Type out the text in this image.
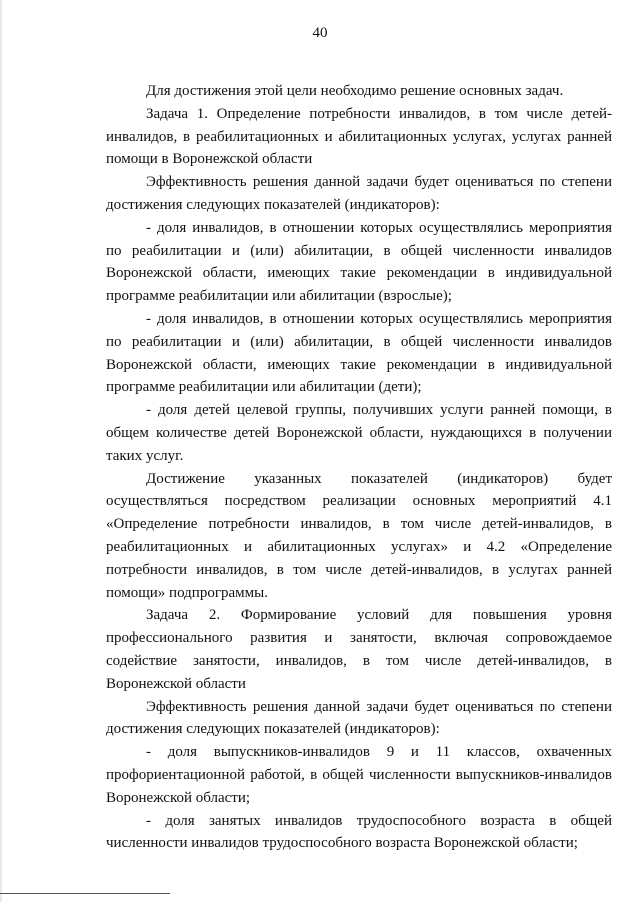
40

Для достижения этой цели необходимо решение основных задач.

Задача 1. Определение потребности инвалидов, в том числе детей-инвалидов, в реабилитационных и абилитационных услугах, услугах ранней помощи в Воронежской области

Эффективность решения данной задачи будет оцениваться по степени достижения следующих показателей (индикаторов):

- доля инвалидов, в отношении которых осуществлялись мероприятия по реабилитации и (или) абилитации, в общей численности инвалидов Воронежской области, имеющих такие рекомендации в индивидуальной программе реабилитации или абилитации (взрослые);

- доля инвалидов, в отношении которых осуществлялись мероприятия по реабилитации и (или) абилитации, в общей численности инвалидов Воронежской области, имеющих такие рекомендации в индивидуальной программе реабилитации или абилитации (дети);

- доля детей целевой группы, получивших услуги ранней помощи, в общем количестве детей Воронежской области, нуждающихся в получении таких услуг.

Достижение указанных показателей (индикаторов) будет осуществляться посредством реализации основных мероприятий 4.1 «Определение потребности инвалидов, в том числе детей-инвалидов, в реабилитационных и абилитационных услугах» и 4.2 «Определение потребности инвалидов, в том числе детей-инвалидов, в услугах ранней помощи» подпрограммы.

Задача 2. Формирование условий для повышения уровня профессионального развития и занятости, включая сопровождаемое содействие занятости, инвалидов, в том числе детей-инвалидов, в Воронежской области

Эффективность решения данной задачи будет оцениваться по степени достижения следующих показателей (индикаторов):

- доля выпускников-инвалидов 9 и 11 классов, охваченных профориентационной работой, в общей численности выпускников-инвалидов Воронежской области;

- доля занятых инвалидов трудоспособного возраста в общей численности инвалидов трудоспособного возраста Воронежской области;
